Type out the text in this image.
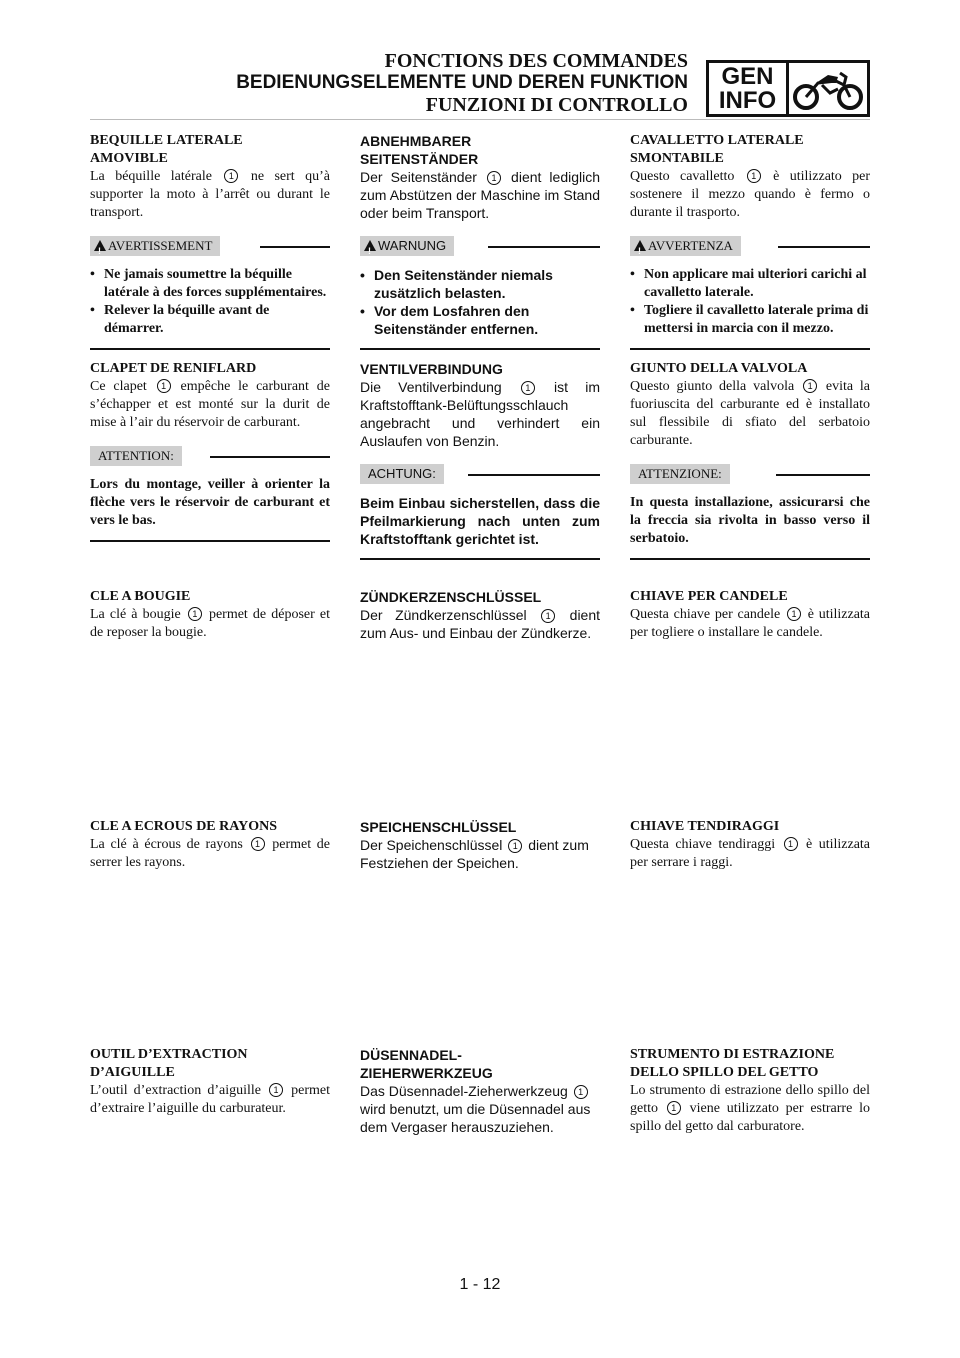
FONCTIONS DES COMMANDES
BEDIENUNGSELEMENTE UND DEREN FUNKTION
FUNZIONI DI CONTROLLO
GEN
INFO
BEQUILLE LATERALE
AMOVIBLE
La béquille latérale 1 ne sert qu’à supporter la moto à l’arrêt ou durant le transport.
!
AVERTISSEMENT
• Ne jamais soumettre la béquille latérale à des forces supplémentaires.
• Relever la béquille avant de démarrer.
CLAPET DE RENIFLARD
Ce clapet 1 empêche le carburant de s’échapper et est monté sur la durit de mise à l’air du réservoir de carburant.
ATTENTION:
Lors du montage, veiller à orienter la flèche vers le réservoir de carburant et vers le bas.
CLE A BOUGIE
La clé à bougie 1 permet de déposer et de reposer la bougie.
CLE A ECROUS DE RAYONS
La clé à écrous de rayons 1 permet de serrer les rayons.
OUTIL D’EXTRACTION
D’AIGUILLE
L’outil d’extraction d’aiguille 1 permet d’extraire l’aiguille du carburateur.
ABNEHMBARER
SEITENSTÄNDER
Der Seitenständer 1 dient lediglich zum Abstützen der Maschine im Stand oder beim Transport.
!
WARNUNG
• Den Seitenständer niemals zusätzlich belasten.
• Vor dem Losfahren den Seitenständer entfernen.
VENTILVERBINDUNG
Die Ventilverbindung	1 ist im Kraftstofftank-Belüftungsschlauch angebracht und verhindert ein Auslaufen von Benzin.
ACHTUNG:
Beim Einbau sicherstellen, dass die Pfeilmarkierung nach unten zum Kraftstofftank gerichtet ist.
ZÜNDKERZENSCHLÜSSEL
Der Zündkerzenschlüssel 1 dient zum Aus- und Einbau der Zündkerze.
SPEICHENSCHLÜSSEL
Der Speichenschlüssel 1 dient zum Festziehen der Speichen.
DÜSENNADEL-
ZIEHERWERKZEUG
Das Düsennadel-Zieherwerkzeug 1 wird benutzt, um die Düsennadel aus dem Vergaser herauszuziehen.
CAVALLETTO LATERALE
SMONTABILE
Questo cavalletto 1 è utilizzato per sostenere il mezzo quando è fermo o durante il trasporto.
!
AVVERTENZA
• Non applicare mai ulteriori carichi al cavalletto laterale.
• Togliere il cavalletto laterale prima di mettersi in marcia con il mezzo.
GIUNTO DELLA VALVOLA
Questo giunto della valvola 1 evita la fuoriuscita del carburante ed è installato sul flessibile di sfiato del serbatoio carburante.
ATTENZIONE:
In questa installazione, assicurarsi che la freccia sia rivolta in basso verso il serbatoio.
CHIAVE PER CANDELE
Questa chiave per candele 1 è utilizzata per togliere o installare le candele.
CHIAVE TENDIRAGGI
Questa chiave tendiraggi 1 è utilizzata per serrare i raggi.
STRUMENTO DI ESTRAZIONE
DELLO SPILLO DEL GETTO
Lo strumento di estrazione dello spillo del getto 1 viene utilizzato per estrarre lo spillo del getto dal carburatore.
1 - 12
